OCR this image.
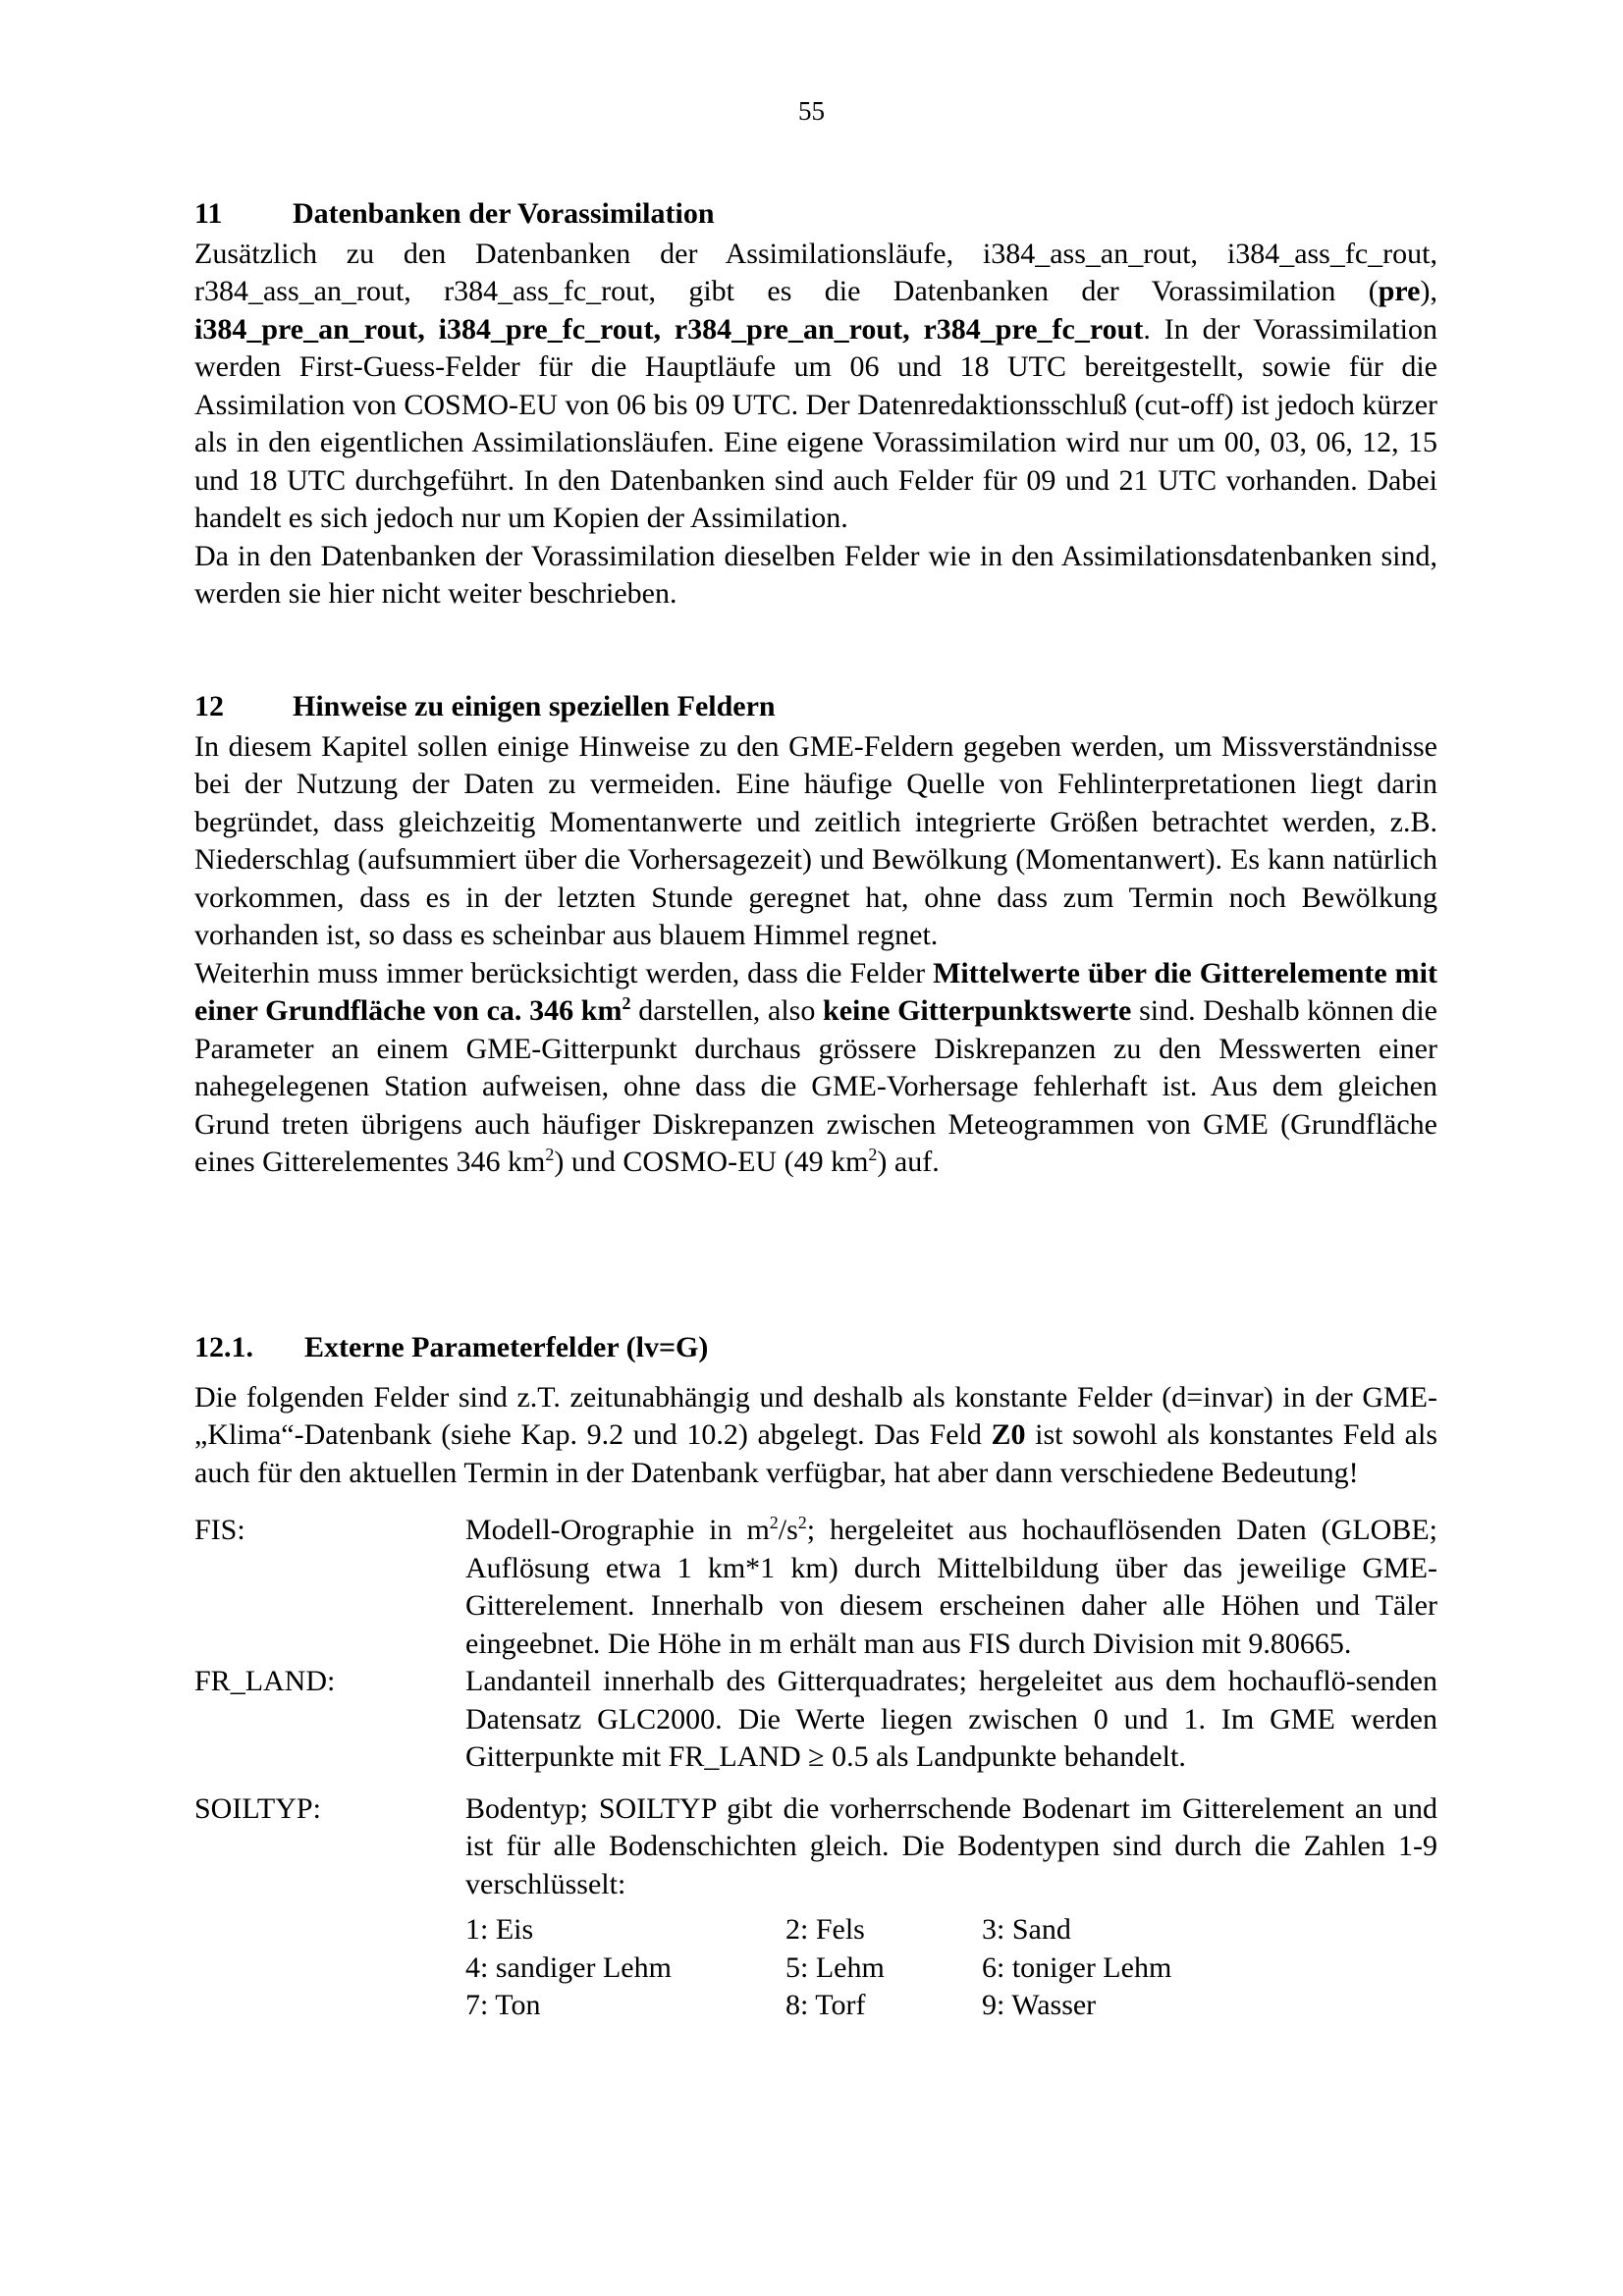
55
11	Datenbanken der Vorassimilation

Zusätzlich zu den Datenbanken der Assimilationsläufe, i384_ass_an_rout, i384_ass_fc_rout, r384_ass_an_rout, r384_ass_fc_rout, gibt es die Datenbanken der Vorassimilation (pre), i384_pre_an_rout, i384_pre_fc_rout, r384_pre_an_rout, r384_pre_fc_rout. In der Vorassimilation werden First-Guess-Felder für die Hauptläufe um 06 und 18 UTC bereitgestellt, sowie für die Assimilation von COSMO-EU von 06 bis 09 UTC. Der Datenredaktionsschluß (cut-off) ist jedoch kürzer als in den eigentlichen Assimilationsläufen. Eine eigene Vorassimilation wird nur um 00, 03, 06, 12, 15 und 18 UTC durchgeführt. In den Datenbanken sind auch Felder für 09 und 21 UTC vorhanden. Dabei handelt es sich jedoch nur um Kopien der Assimilation.

Da in den Datenbanken der Vorassimilation dieselben Felder wie in den Assimilationsdatenbanken sind, werden sie hier nicht weiter beschrieben.

12	Hinweise zu einigen speziellen Feldern

In diesem Kapitel sollen einige Hinweise zu den GME-Feldern gegeben werden, um Missverständnisse bei der Nutzung der Daten zu vermeiden. Eine häufige Quelle von Fehlinterpretationen liegt darin begründet, dass gleichzeitig Momentanwerte und zeitlich integrierte Größen betrachtet werden, z.B. Niederschlag (aufsummiert über die Vorhersagezeit) und Bewölkung (Momentanwert). Es kann natürlich vorkommen, dass es in der letzten Stunde geregnet hat, ohne dass zum Termin noch Bewölkung vorhanden ist, so dass es scheinbar aus blauem Himmel regnet.

Weiterhin muss immer berücksichtigt werden, dass die Felder Mittelwerte über die Gitterelemente mit einer Grundfläche von ca. 346 $km^2$ darstellen, also keine Gitterpunktswerte sind. Deshalb können die Parameter an einem GME-Gitterpunkt durchaus grössere Diskrepanzen zu den Messwerten einer nahegelegenen Station aufweisen, ohne dass die GME-Vorhersage fehlerhaft ist. Aus dem gleichen Grund treten übrigens auch häufiger Diskrepanzen zwischen Meteogrammen von GME (Grundfläche eines Gitterelementes 346 $km^2$) und COSMO-EU (49 $km^2$) auf.

12.1.	Externe Parameterfelder (lv=G)

Die folgenden Felder sind z.T. zeitunabhängig und deshalb als konstante Felder (d=invar) in der GME-„Klima“-Datenbank (siehe Kap. 9.2 und 10.2) abgelegt. Das Feld Z0 ist sowohl als konstantes Feld als auch für den aktuellen Termin in der Datenbank verfügbar, hat aber dann verschiedene Bedeutung!

FIS:	Modell-Orographie in $m^2/s^2$; hergeleitet aus hochauflösenden Daten (GLOBE; Auflösung etwa 1 km*1 km) durch Mittelbildung über das jeweilige GME-Gitterelement. Innerhalb von diesem erscheinen daher alle Höhen und Täler eingeebnet. Die Höhe in m erhält man aus FIS durch Division mit 9.80665.
FR_LAND:	Landanteil innerhalb des Gitterquadrates; hergeleitet aus dem hochauflö-senden Datensatz GLC2000. Die Werte liegen zwischen 0 und 1. Im GME werden Gitterpunkte mit FR_LAND ≥ 0.5 als Landpunkte behandelt.
SOILTYP:	Bodentyp; SOILTYP gibt die vorherrschende Bodenart im Gitterelement an und ist für alle Bodenschichten gleich. Die Bodentypen sind durch die Zahlen 1-9 verschlüsselt:
1: Eis	2: Fels	3: Sand
4: sandiger Lehm	5: Lehm	6: toniger Lehm
7: Ton	8: Torf	9: Wasser
